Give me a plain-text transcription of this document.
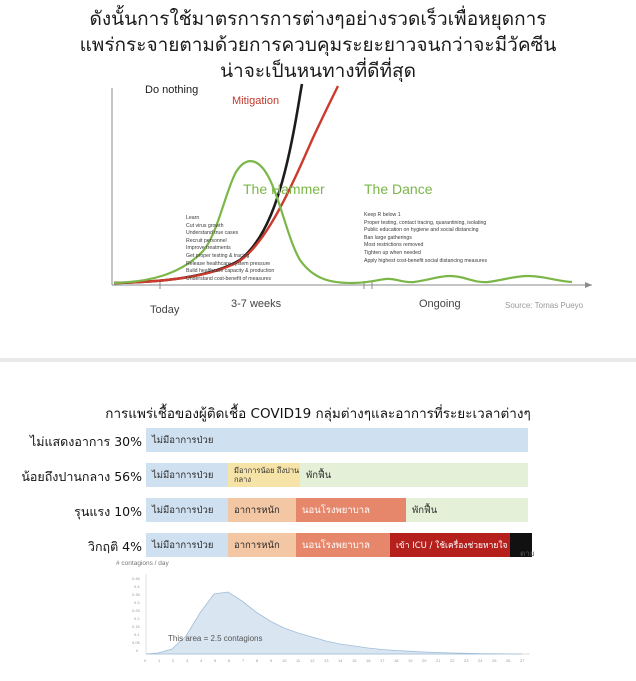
ดังนั้นการใช้มาตรการการต่างๆอย่างรวดเร็วเพื่อหยุดการ
แพร่กระจายตามด้วยการควบคุมระยะยาวจนกว่าจะมีวัคซีน
น่าจะเป็นหนทางที่ดีที่สุด
Do nothing
Mitigation
The Hammer	The Dance
Learn
Cut virus growth
Understand true cases
Recruit personnel
Improve treatments
Get proper testing & tracing
Release healthcare system pressure
Build healthcare capacity & production
Understand cost-benefit of measures
Keep R below 1
Proper testing, contact tracing, quarantining, isolating
Public education on hygiene and social distancing
Ban large gatherings
Most restrictions removed
Tighten up when needed
Apply highest cost-benefit social distancing measures
Today	3-7 weeks	Ongoing	Source: Tomas Pueyo
การแพร่เชื้อของผู้ติดเชื้อ COVID19 กลุ่มต่างๆและอาการที่ระยะเวลาต่างๆ
ไม่แสดงอาการ 30%	ไม่มีอาการป่วย
น้อยถึงปานกลาง 56%	ไม่มีอาการป่วย	มีอาการน้อย ถึงปานกลาง	พักฟื้น
รุนแรง 10%	ไม่มีอาการป่วย	อาการหนัก	นอนโรงพยาบาล	พักฟื้น
วิกฤติ 4%	ไม่มีอาการป่วย	อาการหนัก	นอนโรงพยาบาล	เข้า ICU / ใช้เครื่องช่วยหายใจ
ตาย
# contagions / day
0.45
0.4
0.35
0.3
0.25
0.2
0.15
0.1
0.05
0
0	1	2	3	4	5	6	7	8	9 10 11 12 13 14 15 16 17 18 19 20 21 22 23 24 25 26 27
This area = 2.5 contagions
